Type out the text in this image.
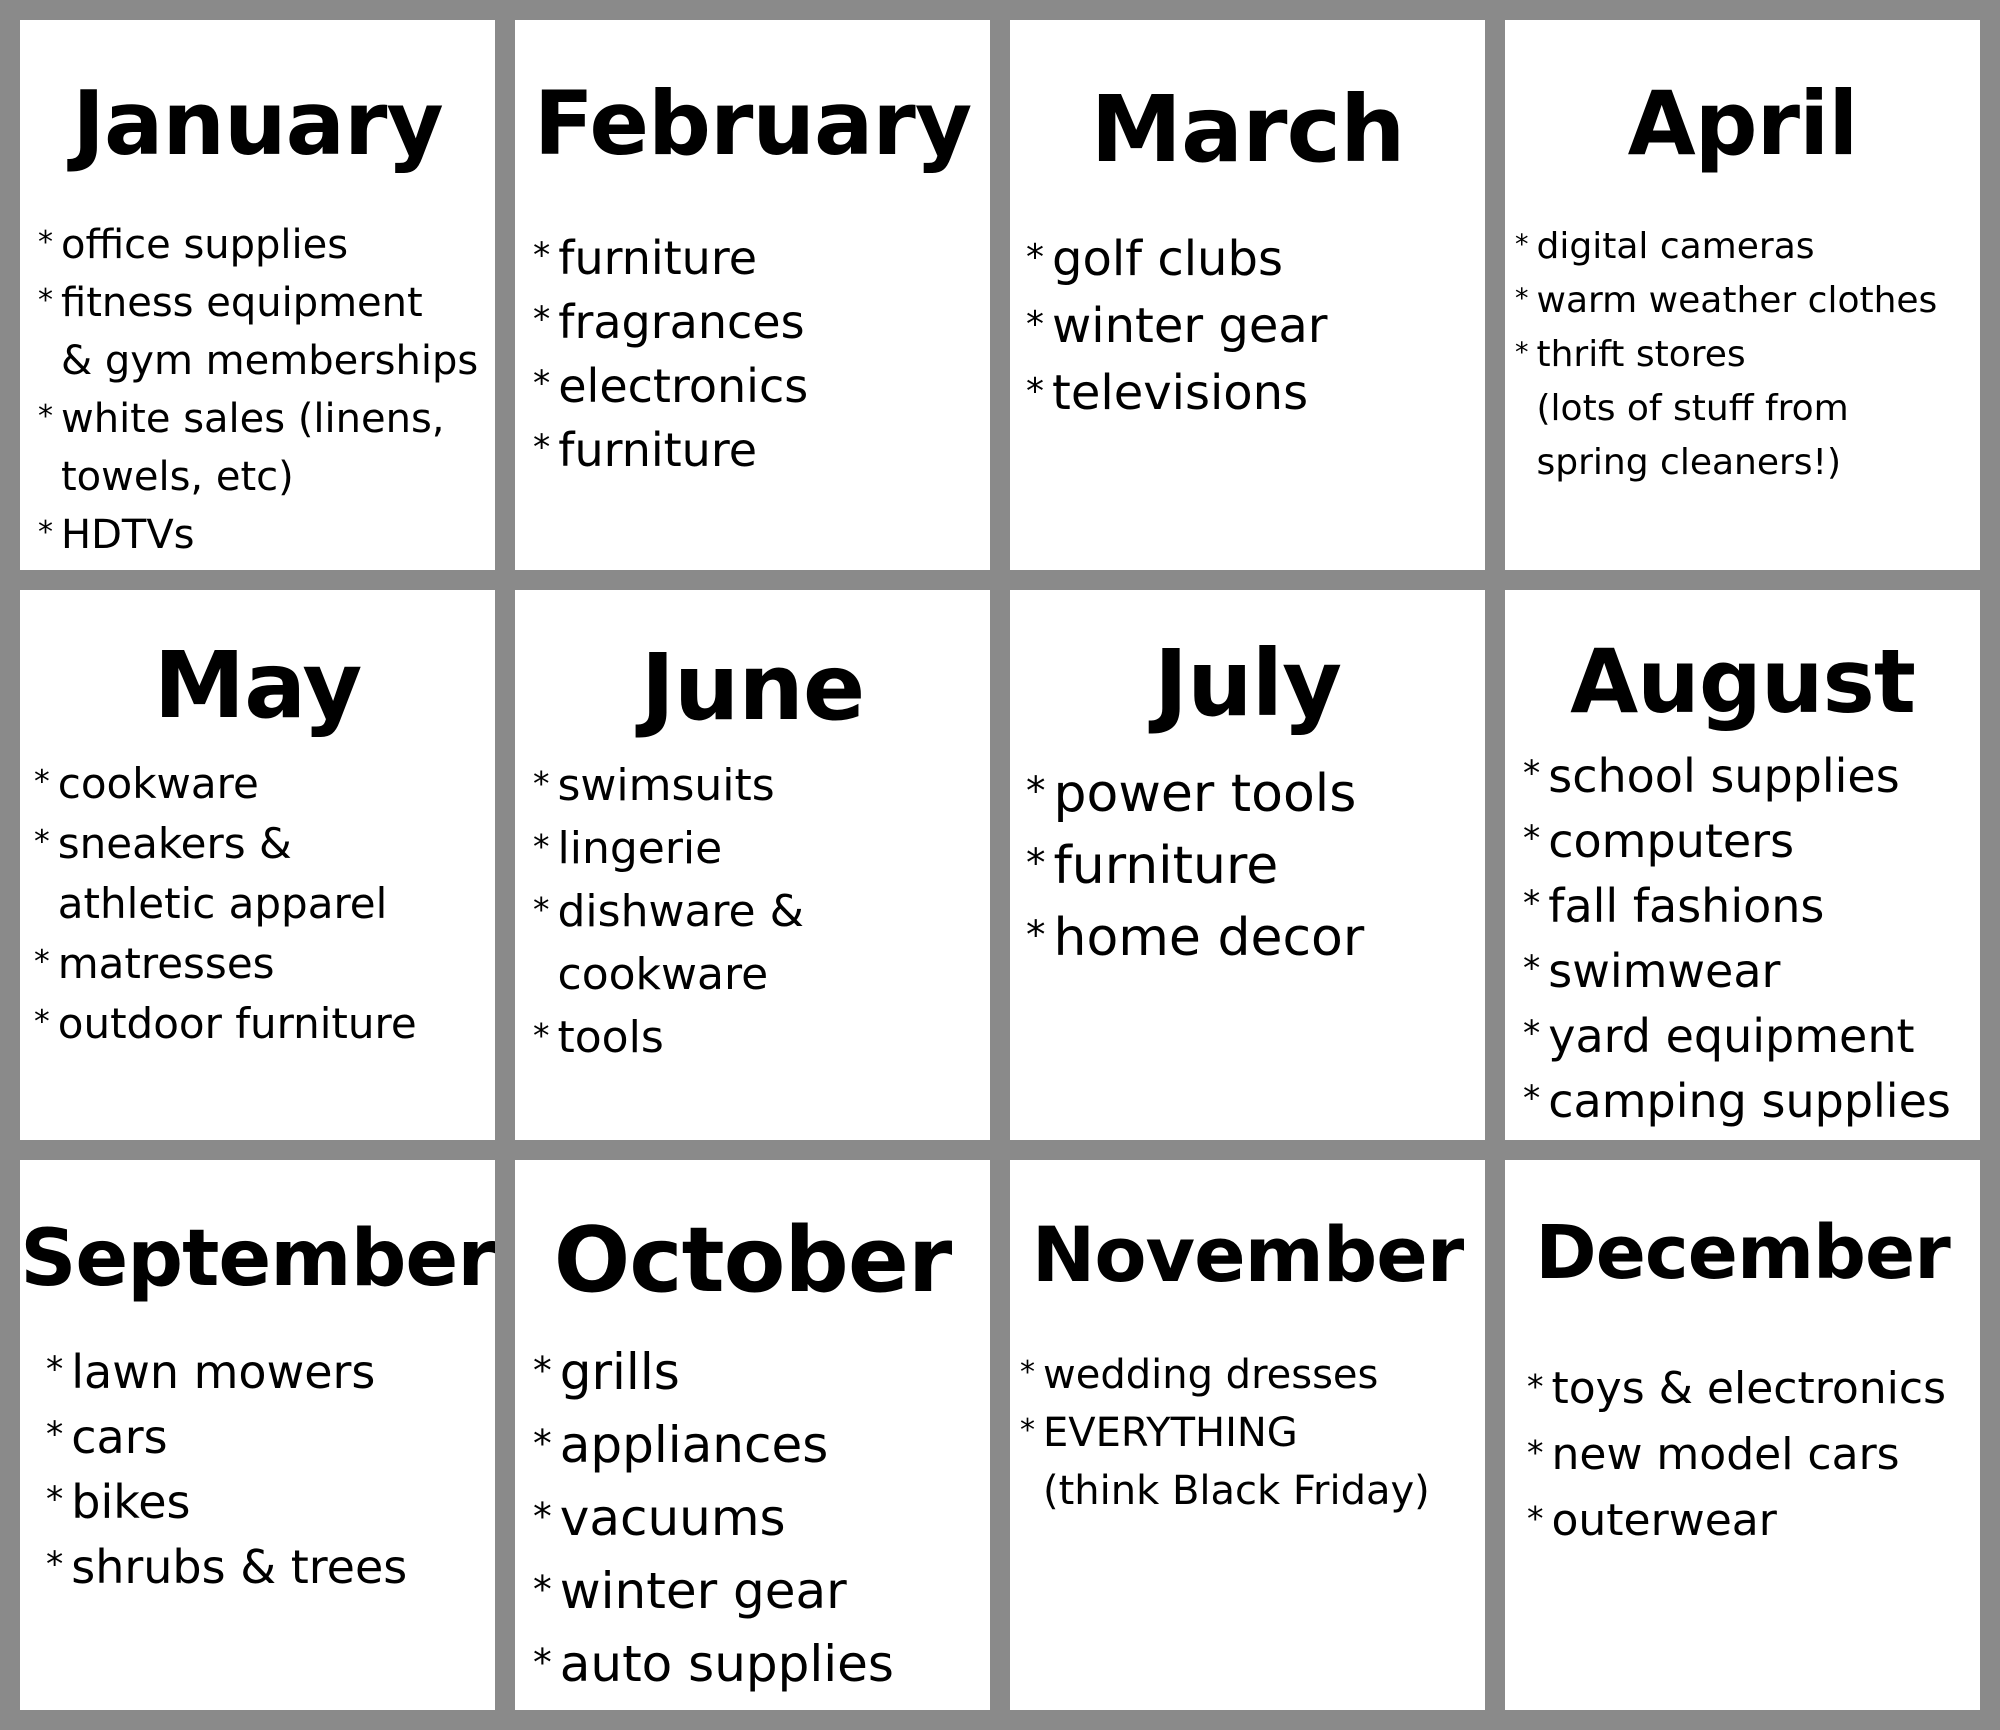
January
* office supplies
* fitness equipment
& gym memberships
* white sales (linens,
towels, etc)
* HDTVs
February
* furniture
* fragrances
* electronics
* furniture
March
* golf clubs
* winter gear
* televisions
April
* digital cameras
* warm weather clothes
* thrift stores
(lots of stuff from
spring cleaners!)
May
* cookware
* sneakers &
athletic apparel
* matresses
* outdoor furniture
June
* swimsuits
* lingerie
* dishware &
cookware
* tools
July
* power tools
* furniture
* home decor
August
* school supplies
* computers
* fall fashions
* swimwear
* yard equipment
* camping supplies
September
* lawn mowers
* cars
* bikes
* shrubs & trees
October
* grills
* appliances
* vacuums
* winter gear
* auto supplies
November
* wedding dresses
* EVERYTHING
(think Black Friday)
December
* toys & electronics
* new model cars
* outerwear
